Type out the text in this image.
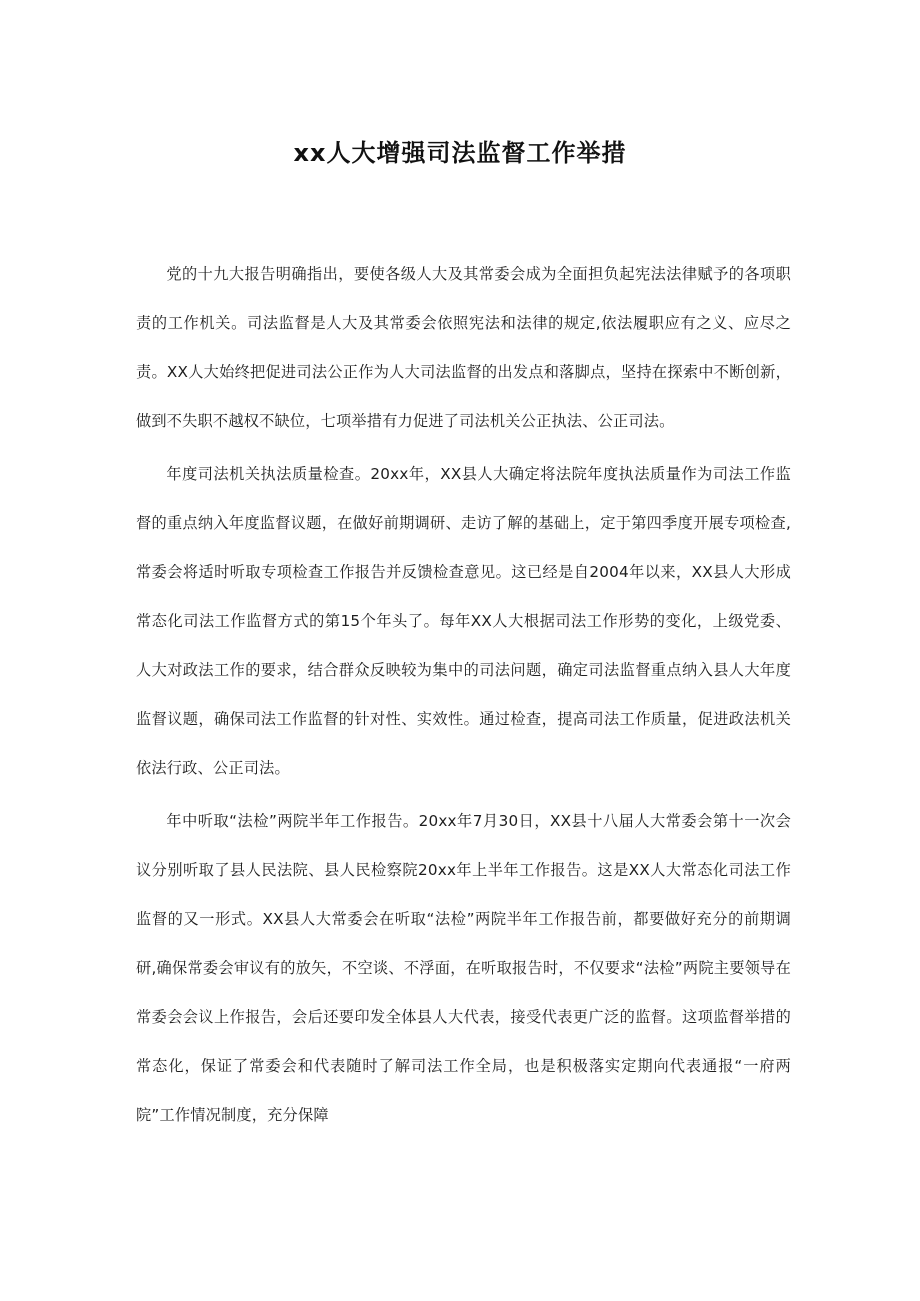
xx人大增强司法监督工作举措

党的十九大报告明确指出，要使各级人大及其常委会成为全面担负起宪法法律赋予的各项职责的工作机关。司法监督是人大及其常委会依照宪法和法律的规定,依法履职应有之义、应尽之责。XX人大始终把促进司法公正作为人大司法监督的出发点和落脚点，坚持在探索中不断创新，做到不失职不越权不缺位，七项举措有力促进了司法机关公正执法、公正司法。

年度司法机关执法质量检查。20xx年，XX县人大确定将法院年度执法质量作为司法工作监督的重点纳入年度监督议题，在做好前期调研、走访了解的基础上，定于第四季度开展专项检查,常委会将适时听取专项检查工作报告并反馈检查意见。这已经是自2004年以来，XX县人大形成常态化司法工作监督方式的第15个年头了。每年XX人大根据司法工作形势的变化，上级党委、人大对政法工作的要求，结合群众反映较为集中的司法问题，确定司法监督重点纳入县人大年度监督议题，确保司法工作监督的针对性、实效性。通过检查，提高司法工作质量，促进政法机关依法行政、公正司法。

年中听取“法检”两院半年工作报告。20xx年7月30日，XX县十八届人大常委会第十一次会议分别听取了县人民法院、县人民检察院20xx年上半年工作报告。这是XX人大常态化司法工作监督的又一形式。XX县人大常委会在听取“法检”两院半年工作报告前，都要做好充分的前期调研,确保常委会审议有的放矢，不空谈、不浮面，在听取报告时，不仅要求“法检”两院主要领导在常委会会议上作报告，会后还要印发全体县人大代表，接受代表更广泛的监督。这项监督举措的常态化，保证了常委会和代表随时了解司法工作全局，也是积极落实定期向代表通报“一府两院”工作情况制度，充分保障
